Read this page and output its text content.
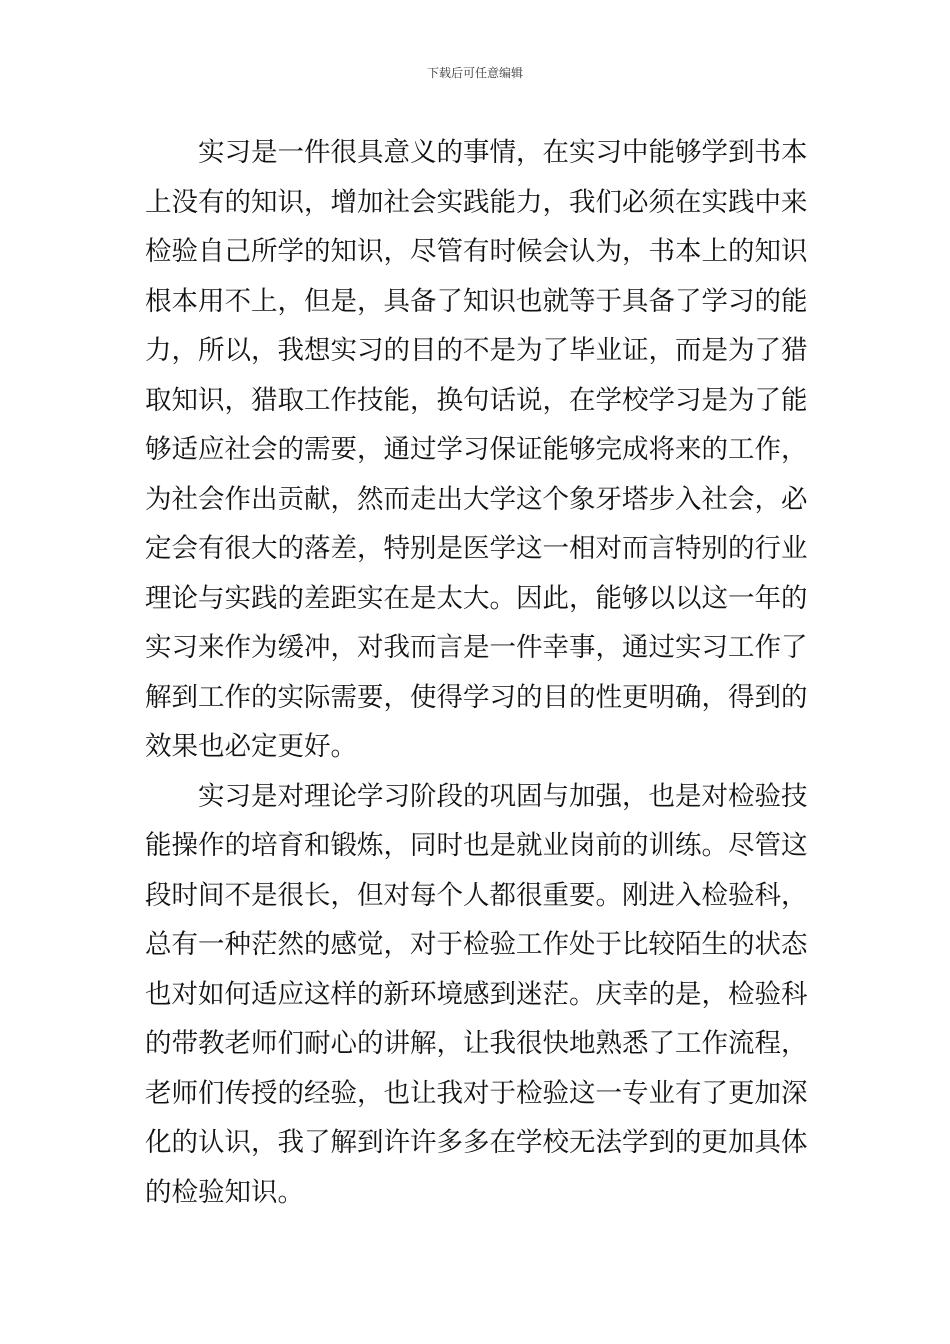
下载后可任意编辑
实习是一件很具意义的事情，在实习中能够学到书本
上没有的知识，增加社会实践能力，我们必须在实践中来
检验自己所学的知识，尽管有时候会认为，书本上的知识
根本用不上，但是，具备了知识也就等于具备了学习的能
力，所以，我想实习的目的不是为了毕业证，而是为了猎
取知识，猎取工作技能，换句话说，在学校学习是为了能
够适应社会的需要，通过学习保证能够完成将来的工作，
为社会作出贡献，然而走出大学这个象牙塔步入社会，必
定会有很大的落差，特别是医学这一相对而言特别的行业
理论与实践的差距实在是太大。因此，能够以以这一年的
实习来作为缓冲，对我而言是一件幸事，通过实习工作了
解到工作的实际需要，使得学习的目的性更明确，得到的
效果也必定更好。
实习是对理论学习阶段的巩固与加强，也是对检验技
能操作的培育和锻炼，同时也是就业岗前的训练。尽管这
段时间不是很长，但对每个人都很重要。刚进入检验科，
总有一种茫然的感觉，对于检验工作处于比较陌生的状态
也对如何适应这样的新环境感到迷茫。庆幸的是，检验科
的带教老师们耐心的讲解，让我很快地熟悉了工作流程，
老师们传授的经验，也让我对于检验这一专业有了更加深
化的认识，我了解到许许多多在学校无法学到的更加具体
的检验知识。
